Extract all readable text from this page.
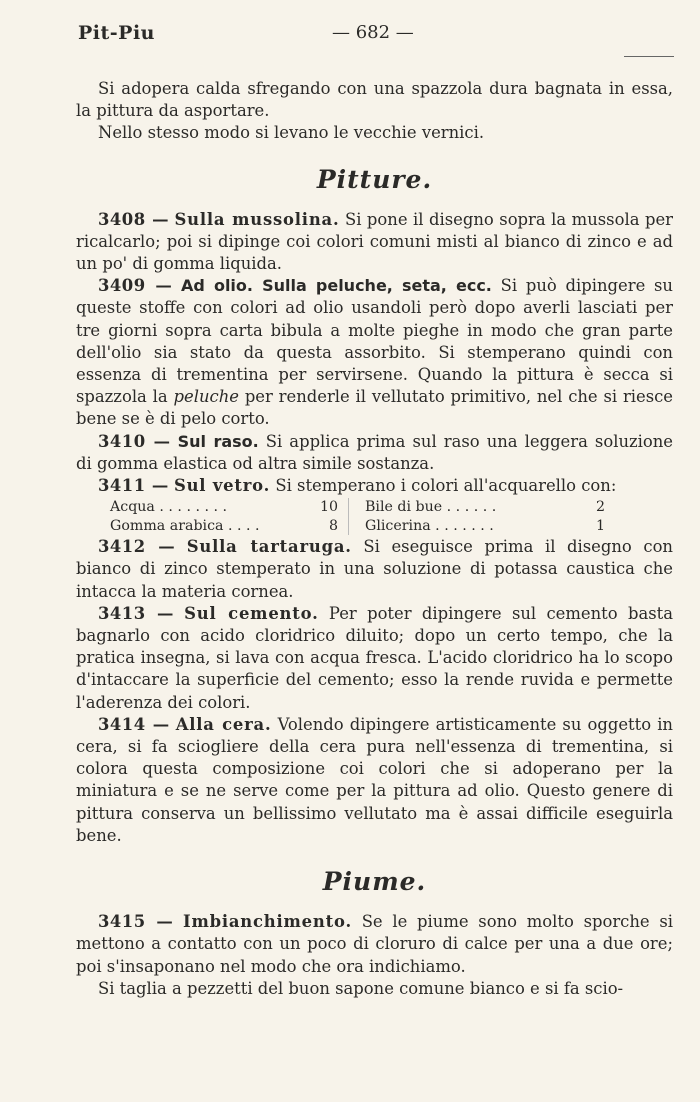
Pit-Piu	— 682 —

Si adopera calda sfregando con una spazzola dura bagnata in essa, la pittura da asportare.

Nello stesso modo si levano le vecchie vernici.

Pitture.

3408 — Sulla mussolina. Si pone il disegno sopra la mussola per ricalcarlo; poi si dipinge coi colori comuni misti al bianco di zinco e ad un po' di gomma liquida.

3409 — Ad olio. Sulla peluche, seta, ecc. Si può dipingere su queste stoffe con colori ad olio usandoli però dopo averli lasciati per tre giorni sopra carta bibula a molte pieghe in modo che gran parte dell'olio sia stato da questa assorbito. Si stemperano quindi con essenza di trementina per servirsene. Quando la pittura è secca si spazzola la peluche per renderle il vellutato primitivo, nel che si riesce bene se è di pelo corto.

3410 — Sul raso. Si applica prima sul raso una leggera soluzione di gomma elastica od altra simile sostanza.

3411 — Sul vetro. Si stemperano i colori all'acquarello con:

Acqua . . . . . . . .	10
Gomma arabica . . . .	8
Bile di bue . . . . . .	2
Glicerina . . . . . . .	1

3412 — Sulla tartaruga. Si eseguisce prima il disegno con bianco di zinco stemperato in una soluzione di potassa caustica che intacca la materia cornea.

3413 — Sul cemento. Per poter dipingere sul cemento basta bagnarlo con acido cloridrico diluito; dopo un certo tempo, che la pratica insegna, si lava con acqua fresca. L'acido cloridrico ha lo scopo d'intaccare la superficie del cemento; esso la rende ruvida e permette l'aderenza dei colori.

3414 — Alla cera. Volendo dipingere artisticamente su oggetto in cera, si fa sciogliere della cera pura nell'essenza di trementina, si colora questa composizione coi colori che si adoperano per la miniatura e se ne serve come per la pittura ad olio. Questo genere di pittura conserva un bellissimo vellutato ma è assai difficile eseguirla bene.

Piume.

3415 — Imbianchimento. Se le piume sono molto sporche si mettono a contatto con un poco di cloruro di calce per una a due ore; poi s'insaponano nel modo che ora indichiamo.

Si taglia a pezzetti del buon sapone comune bianco e si fa scio-
